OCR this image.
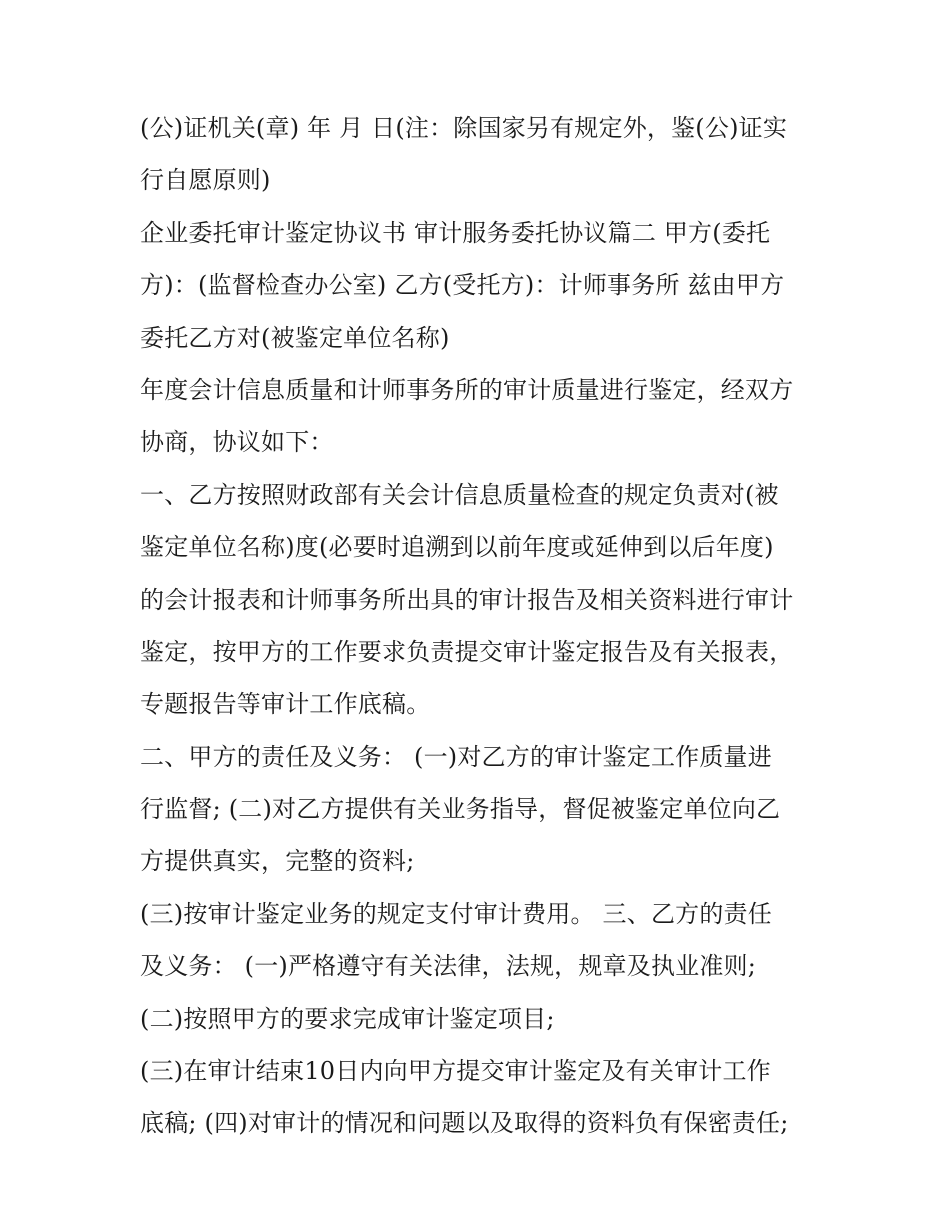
(公)证机关(章) 年 月 日(注：除国家另有规定外，鉴(公)证实
行自愿原则)
企业委托审计鉴定协议书 审计服务委托协议篇二 甲方(委托
方)：(监督检查办公室) 乙方(受托方)：计师事务所 兹由甲方
委托乙方对(被鉴定单位名称)
年度会计信息质量和计师事务所的审计质量进行鉴定，经双方
协商，协议如下：
一、乙方按照财政部有关会计信息质量检查的规定负责对(被
鉴定单位名称)度(必要时追溯到以前年度或延伸到以后年度)
的会计报表和计师事务所出具的审计报告及相关资料进行审计
鉴定，按甲方的工作要求负责提交审计鉴定报告及有关报表，
专题报告等审计工作底稿。
二、甲方的责任及义务： (一)对乙方的审计鉴定工作质量进
行监督; (二)对乙方提供有关业务指导，督促被鉴定单位向乙
方提供真实，完整的资料;
(三)按审计鉴定业务的规定支付审计费用。 三、乙方的责任
及义务： (一)严格遵守有关法律，法规，规章及执业准则;
(二)按照甲方的要求完成审计鉴定项目;
(三)在审计结束10日内向甲方提交审计鉴定及有关审计工作
底稿; (四)对审计的情况和问题以及取得的资料负有保密责任;
